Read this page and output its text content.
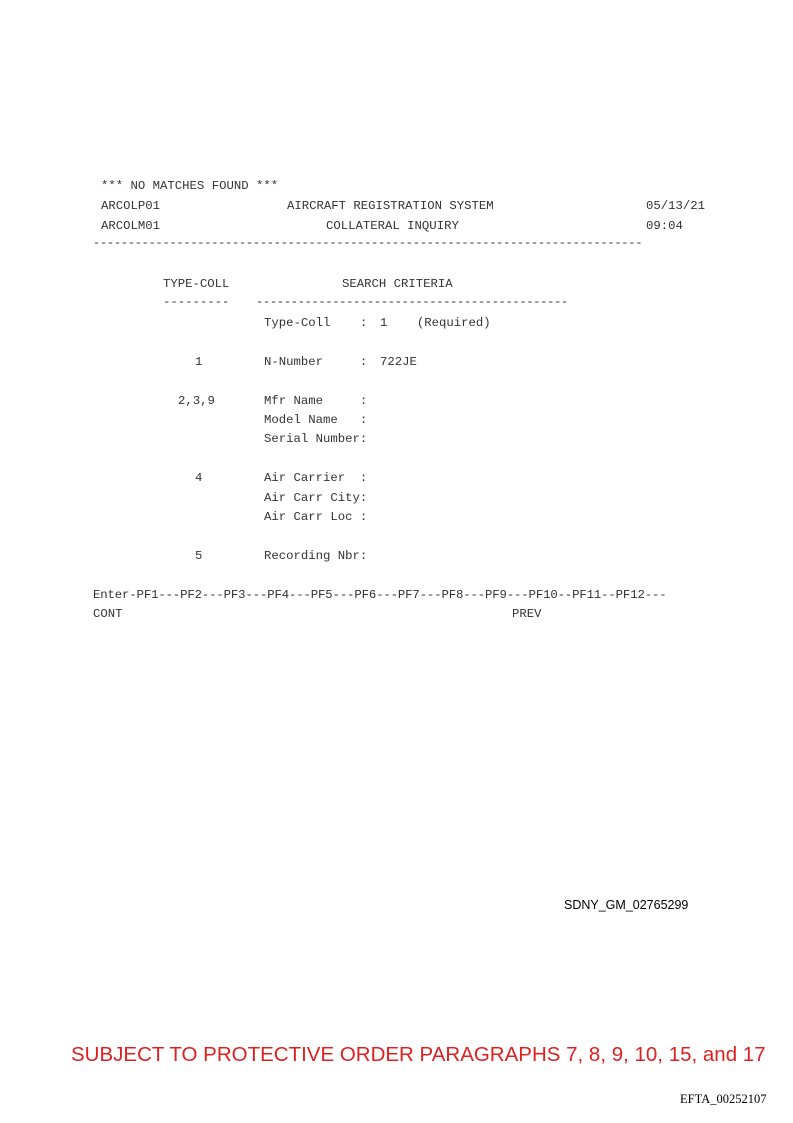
*** NO MATCHES FOUND ***
ARCOLP01	AIRCRAFT REGISTRATION SYSTEM	05/13/21
ARCOLM01	COLLATERAL INQUIRY	09:04
-------------------------------------------------------------------------------
TYPE-COLL	SEARCH CRITERIA
--------- ---------------------------------------------
Type-Coll    : 1    (Required)
1	N-Number     : 722JE
2,3,9	Mfr Name     :
Model Name   :
Serial Number:
4	Air Carrier  :
Air Carr City:
Air Carr Loc :
5	Recording Nbr:
Enter-PF1---PF2---PF3---PF4---PF5---PF6---PF7---PF8---PF9---PF10--PF11--PF12---
CONT	PREV
SDNY_GM_02765299
SUBJECT TO PROTECTIVE ORDER PARAGRAPHS 7, 8, 9, 10, 15, and 17
EFTA_00252107
